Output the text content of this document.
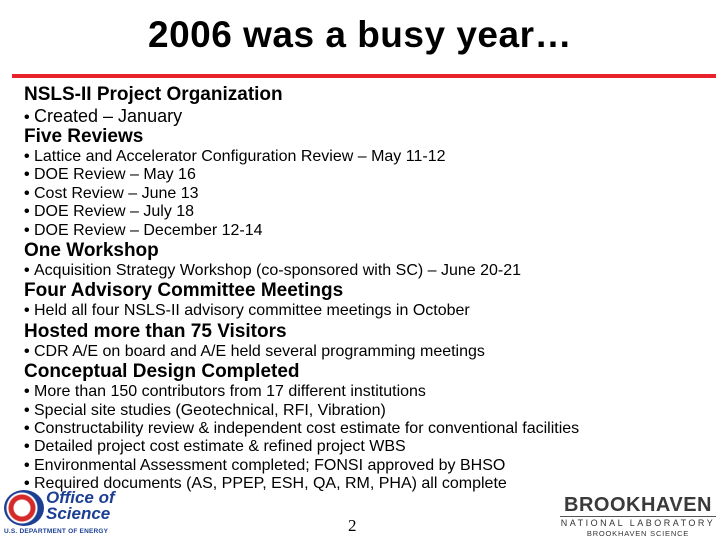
2006 was a busy year…
NSLS-II Project Organization
•Created – January
Five Reviews
•Lattice and Accelerator Configuration Review – May 11-12
•DOE Review – May 16
•Cost Review – June 13
•DOE Review – July 18
•DOE Review – December 12-14
One Workshop
•Acquisition Strategy Workshop (co-sponsored with SC) – June 20-21
Four Advisory Committee Meetings
•Held all four NSLS-II advisory committee meetings in October
Hosted more than 75 Visitors
•CDR A/E on board and A/E held several programming meetings
Conceptual Design Completed
•More than 150 contributors from 17 different institutions
•Special site studies (Geotechnical, RFI, Vibration)
•Constructability review & independent cost estimate for conventional facilities
•Detailed project cost estimate & refined project WBS
•Environmental Assessment completed; FONSI approved by BHSO
•Required documents (AS, PPEP, ESH, QA, RM, PHA) all complete
Office of
Science
U.S. DEPARTMENT OF ENERGY	2
BROOKHAVEN
NATIONAL LABORATORY
BROOKHAVEN SCIENCE
